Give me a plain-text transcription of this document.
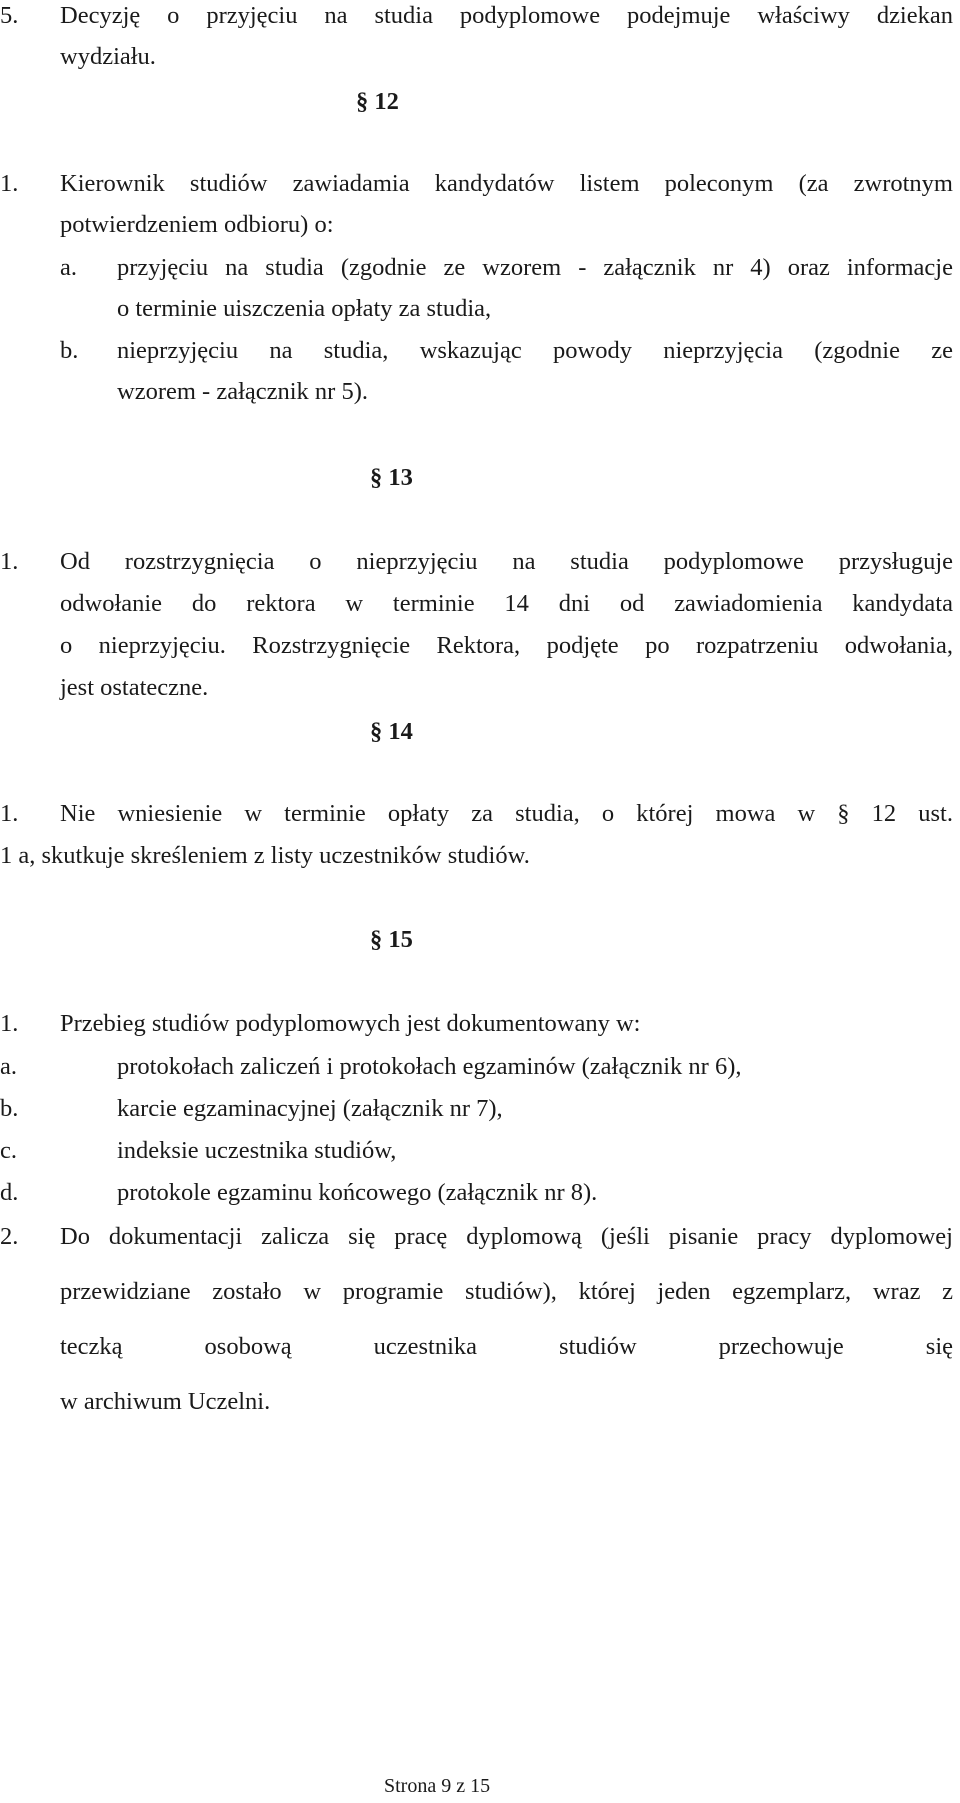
5. Decyzję o przyjęciu na studia podyplomowe podejmuje właściwy dziekan
wydziału.
§ 12
1. Kierownik studiów zawiadamia kandydatów listem poleconym (za zwrotnym
potwierdzeniem odbioru) o:
a. przyjęciu na studia (zgodnie ze wzorem - załącznik nr 4) oraz informacje
o terminie uiszczenia opłaty za studia,
b. nieprzyjęciu na studia, wskazując powody nieprzyjęcia (zgodnie ze
wzorem - załącznik nr 5).
§ 13
1. Od rozstrzygnięcia o nieprzyjęciu na studia podyplomowe przysługuje
odwołanie do rektora w terminie 14 dni od zawiadomienia kandydata
o nieprzyjęciu. Rozstrzygnięcie Rektora, podjęte po rozpatrzeniu odwołania,
jest ostateczne.
§ 14
1. Nie wniesienie w terminie opłaty za studia, o której mowa w § 12 ust.
1 a, skutkuje skreśleniem z listy uczestników studiów.
§ 15
1. Przebieg studiów podyplomowych jest dokumentowany w:
a.	protokołach zaliczeń i protokołach egzaminów (załącznik nr 6),
b.	karcie egzaminacyjnej (załącznik nr 7),
c.	indeksie uczestnika studiów,
d.	protokole egzaminu końcowego (załącznik nr 8).
2. Do dokumentacji zalicza się pracę dyplomową (jeśli pisanie pracy dyplomowej
przewidziane zostało w programie studiów), której jeden egzemplarz, wraz z
teczką osobową uczestnika studiów przechowuje się
w archiwum Uczelni.
Strona 9 z 15
